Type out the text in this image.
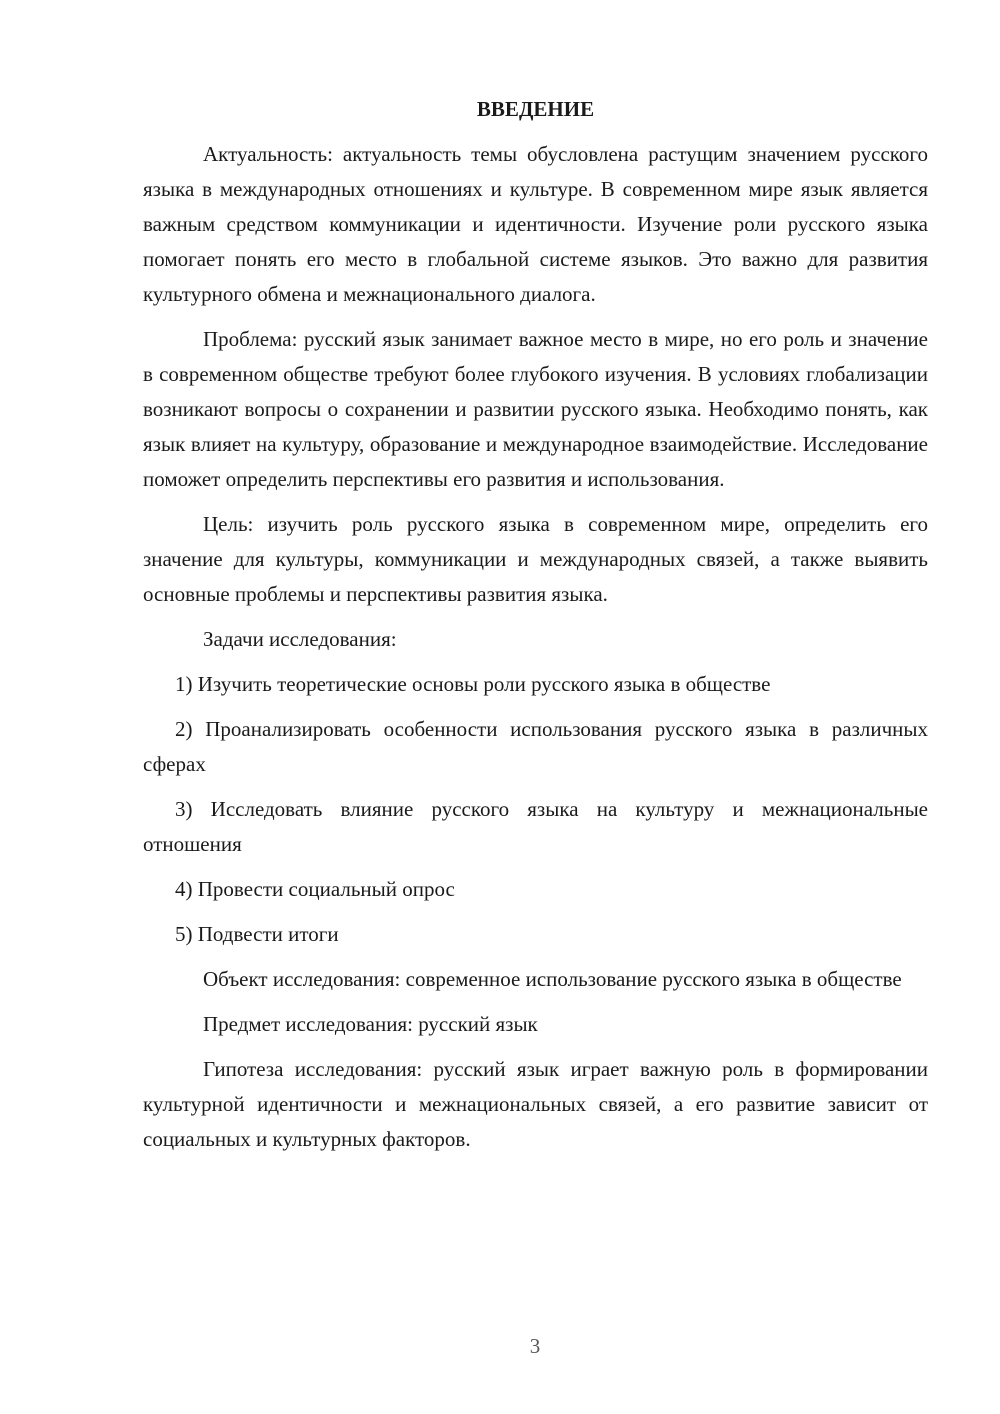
ВВЕДЕНИЕ

Актуальность: актуальность темы обусловлена растущим значением русского языка в международных отношениях и культуре. В современном мире язык является важным средством коммуникации и идентичности. Изучение роли русского языка помогает понять его место в глобальной системе языков. Это важно для развития культурного обмена и межнационального диалога.

Проблема: русский язык занимает важное место в мире, но его роль и значение в современном обществе требуют более глубокого изучения. В условиях глобализации возникают вопросы о сохранении и развитии русского языка. Необходимо понять, как язык влияет на культуру, образование и международное взаимодействие. Исследование поможет определить перспективы его развития и использования.

Цель: изучить роль русского языка в современном мире, определить его значение для культуры, коммуникации и международных связей, а также выявить основные проблемы и перспективы развития языка.

Задачи исследования:

1) Изучить теоретические основы роли русского языка в обществе

2) Проанализировать особенности использования русского языка в различных сферах

3) Исследовать влияние русского языка на культуру и межнациональные отношения

4) Провести социальный опрос

5) Подвести итоги

Объект исследования: современное использование русского языка в обществе

Предмет исследования: русский язык

Гипотеза исследования: русский язык играет важную роль в формировании культурной идентичности и межнациональных связей, а его развитие зависит от социальных и культурных факторов.

3
